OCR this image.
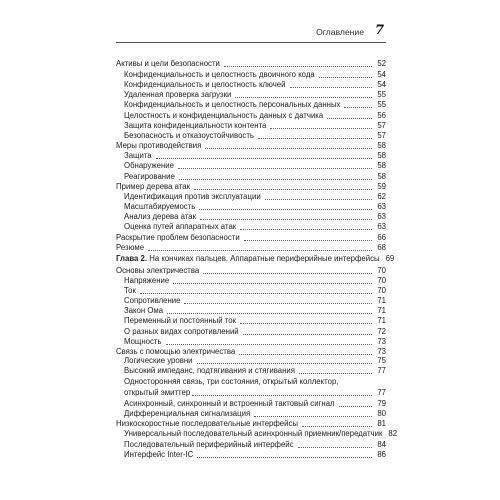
Оглавление 7
Активы и цели безопасности	52
Конфиденциальность и целостность двоичного кода	54
Конфиденциальность и целостность ключей	54
Удаленная проверка загрузки	55
Конфиденциальность и целостность персональных данных	55
Целостность и конфиденциальность данных с датчика	56
Защита конфиденциальности контента	57
Безопасность и отказоустойчивость	57
Меры противодействия	58
Защита	58
Обнаружение	58
Реагирование	58
Пример дерева атак	59
Идентификация против эксплуатации	62
Масштабируемость	63
Анализ дерева атак	63
Оценка путей аппаратных атак	63
Раскрытие проблем безопасности	66
Резюме	68
Глава 2. На кончиках пальцев. Аппаратные периферийные интерфейсы 69
Основы электричества	70
Напряжение	70
Ток	70
Сопротивление	71
Закон Ома	71
Переменный и постоянный ток	71
О разных видах сопротивлений	72
Мощность	73
Связь с помощью электричества	73
Логические уровни	75
Высокий импеданс, подтягивания и стягивания	77
Односторонняя связь, три состояния, открытый коллектор,
открытый эмиттер	77
Асинхронный, синхронный и встроенный тактовый сигнал	79
Дифференциальная сигнализация	80
Низкоскоростные последовательные интерфейсы	81
Универсальный последовательный асинхронный приемник/передатчик 82
Последовательный периферийный интерфейс	84
Интерфейс Inter-IC	86
